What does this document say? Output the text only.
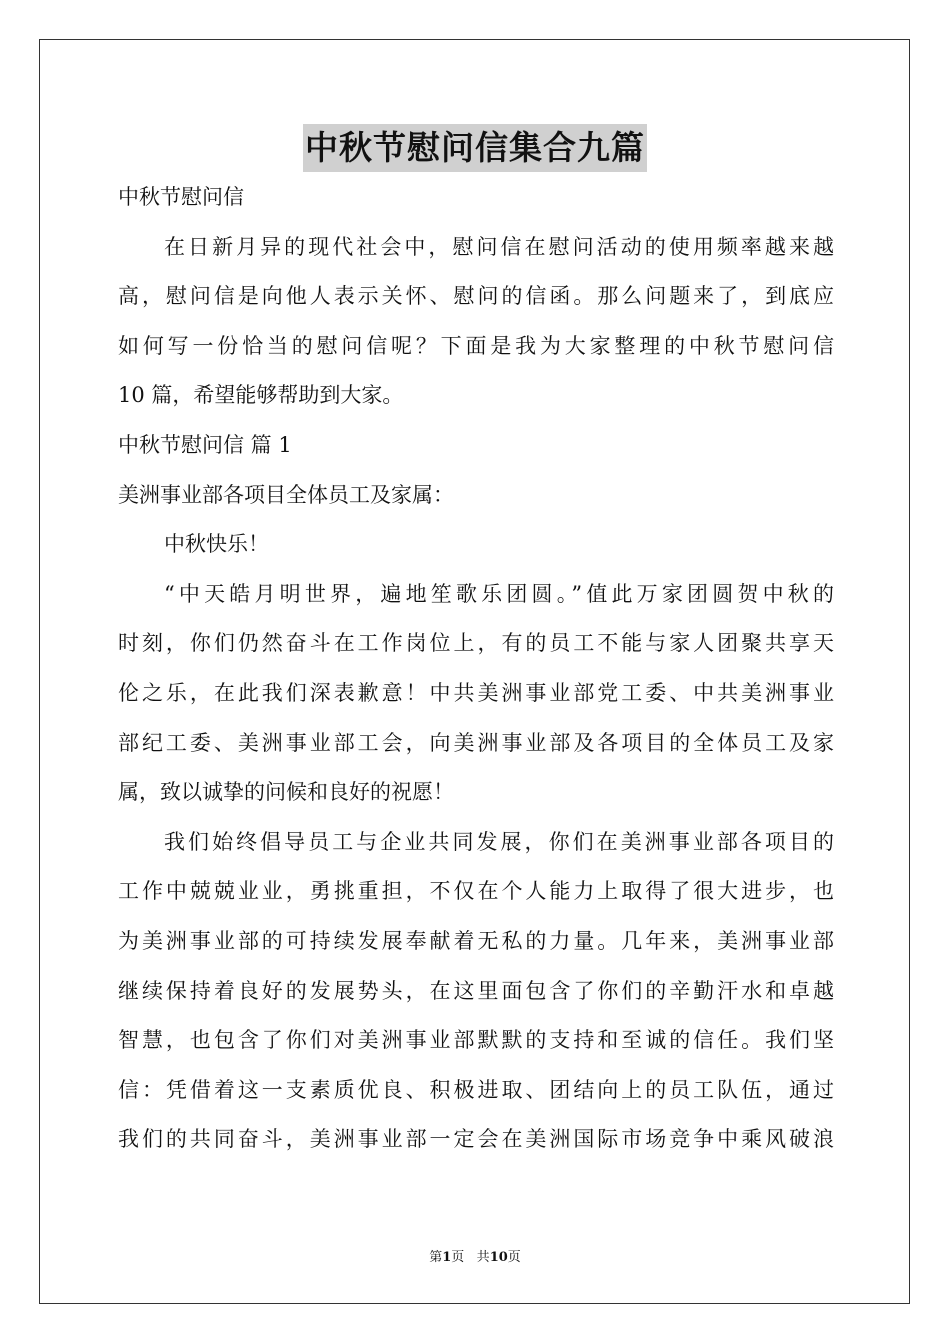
中秋节慰问信集合九篇
中秋节慰问信
在日新月异的现代社会中，慰问信在慰问活动的使用频率越来越
高，慰问信是向他人表示关怀、慰问的信函。那么问题来了，到底应
如何写一份恰当的慰问信呢？下面是我为大家整理的中秋节慰问信
10 篇，希望能够帮助到大家。
中秋节慰问信 篇 1
美洲事业部各项目全体员工及家属：
中秋快乐！
“中天皓月明世界，遍地笙歌乐团圆。”值此万家团圆贺中秋的
时刻，你们仍然奋斗在工作岗位上，有的员工不能与家人团聚共享天
伦之乐，在此我们深表歉意！中共美洲事业部党工委、中共美洲事业
部纪工委、美洲事业部工会，向美洲事业部及各项目的全体员工及家
属，致以诚挚的问候和良好的祝愿！
我们始终倡导员工与企业共同发展，你们在美洲事业部各项目的
工作中兢兢业业，勇挑重担，不仅在个人能力上取得了很大进步，也
为美洲事业部的可持续发展奉献着无私的力量。几年来，美洲事业部
继续保持着良好的发展势头，在这里面包含了你们的辛勤汗水和卓越
智慧，也包含了你们对美洲事业部默默的支持和至诚的信任。我们坚
信：凭借着这一支素质优良、积极进取、团结向上的员工队伍，通过
我们的共同奋斗，美洲事业部一定会在美洲国际市场竞争中乘风破浪
第1页 共10页
